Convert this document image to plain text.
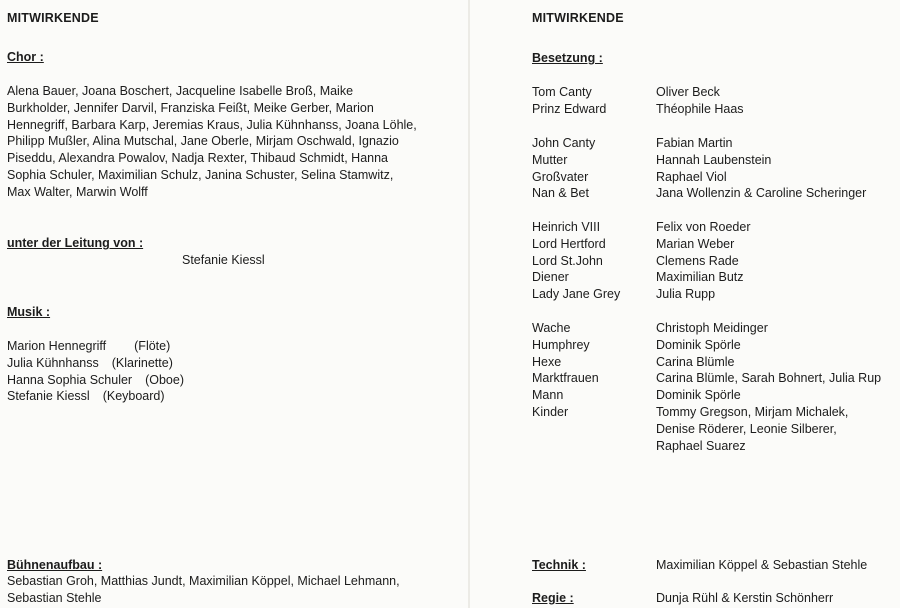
MITWIRKENDE
Chor :
Alena Bauer, Joana Boschert, Jacqueline Isabelle Broß, Maike
Burkholder, Jennifer Darvil, Franziska Feißt, Meike Gerber, Marion
Hennegriff, Barbara Karp, Jeremias Kraus, Julia Kühnhanss, Joana Löhle,
Philipp Mußler, Alina Mutschal, Jane Oberle, Mirjam Oschwald, Ignazio
Piseddu, Alexandra Powalov, Nadja Rexter, Thibaud Schmidt, Hanna
Sophia Schuler, Maximilian Schulz, Janina Schuster, Selina Stamwitz,
Max Walter, Marwin Wolff
unter der Leitung von :
Stefanie Kiessl
Musik :
Marion Hennegriff (Flöte)
Julia Kühnhanss (Klarinette)
Hanna Sophia Schuler (Oboe)
Stefanie Kiessl (Keyboard)
Bühnenaufbau :
Sebastian Groh, Matthias Jundt, Maximilian Köppel, Michael Lehmann,
Sebastian Stehle
MITWIRKENDE
Besetzung :
Tom Canty	Oliver Beck
Prinz Edward	Théophile Haas
John Canty	Fabian Martin
Mutter	Hannah Laubenstein
Großvater	Raphael Viol
Nan & Bet	Jana Wollenzin & Caroline Scheringer
Heinrich VIII	Felix von Roeder
Lord Hertford	Marian Weber
Lord St.John	Clemens Rade
Diener	Maximilian Butz
Lady Jane Grey	Julia Rupp
Wache	Christoph Meidinger
Humphrey	Dominik Spörle
Hexe	Carina Blümle
Marktfrauen	Carina Blümle, Sarah Bohnert, Julia Rup
Mann	Dominik Spörle
Kinder	Tommy Gregson, Mirjam Michalek,
Denise Röderer, Leonie Silberer,
Raphael Suarez
Technik :	Maximilian Köppel & Sebastian Stehle
Regie :	Dunja Rühl & Kerstin Schönherr
